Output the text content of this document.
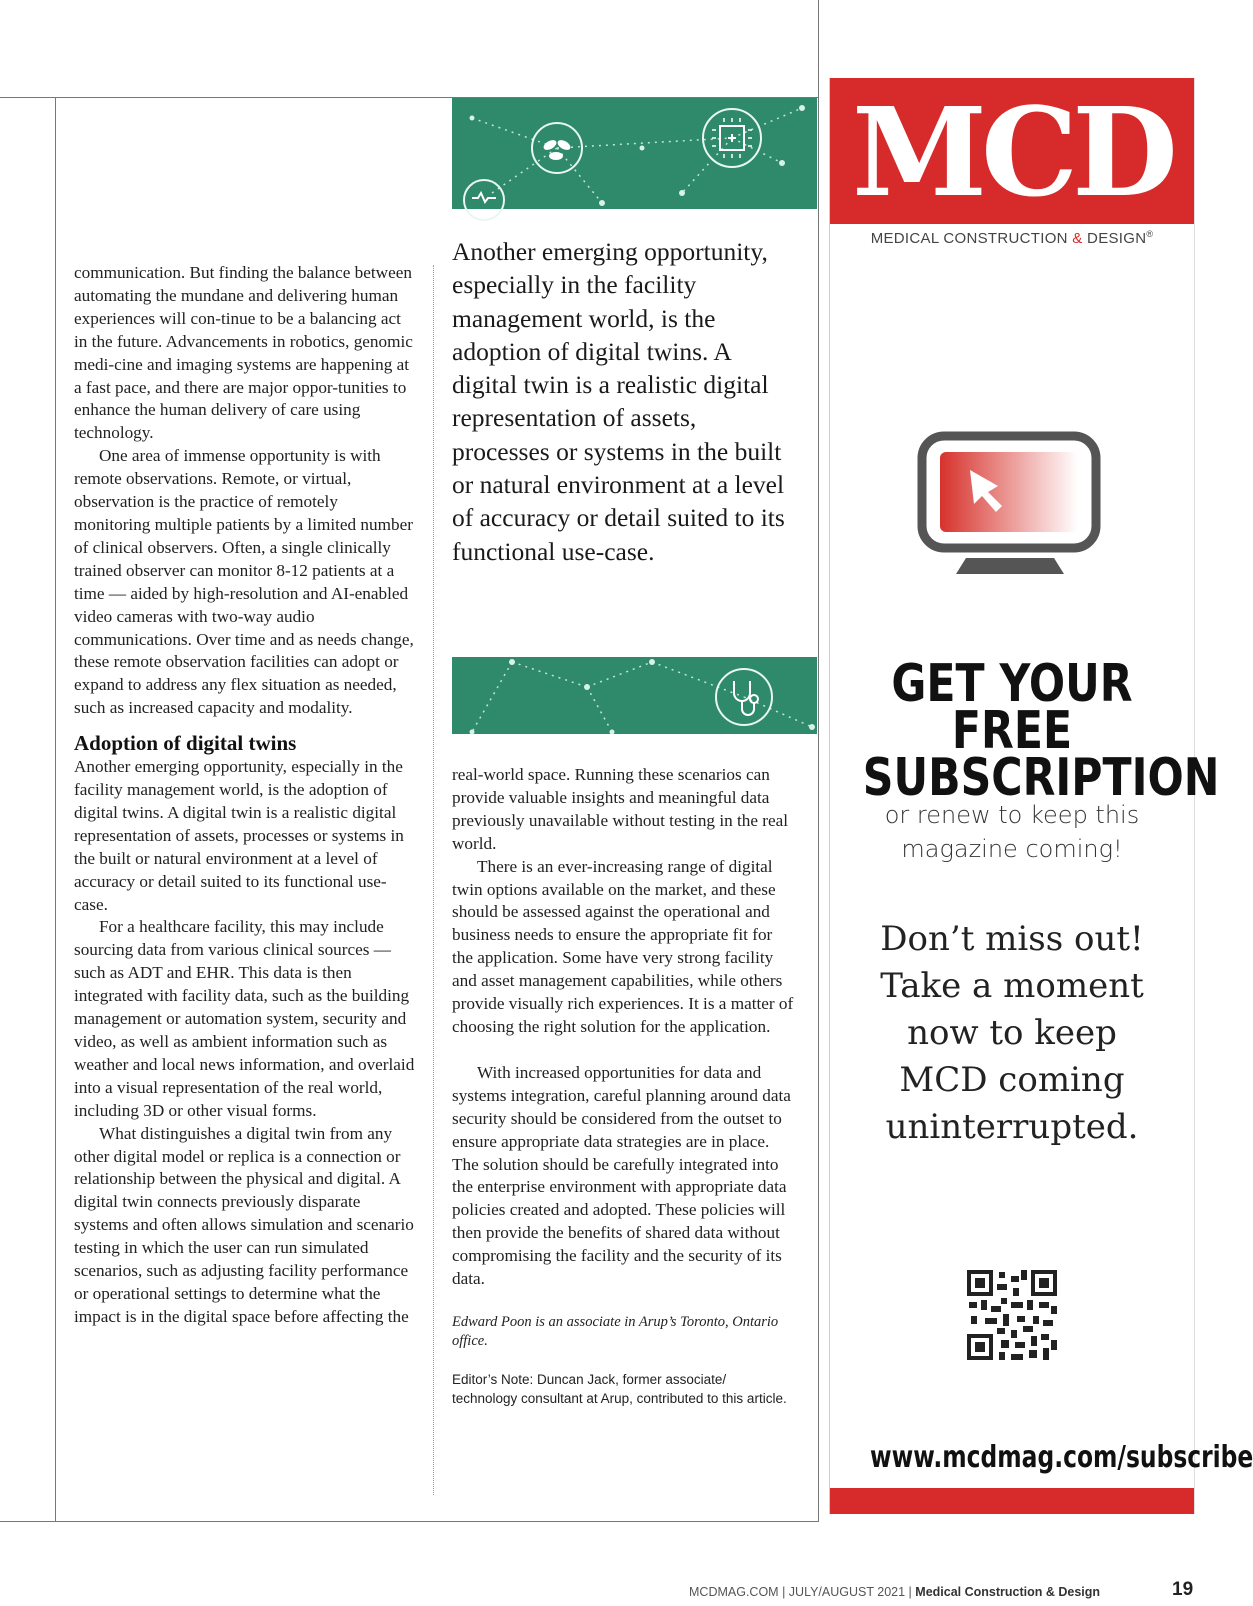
communication. But finding the balance between automating the mundane and delivering human experiences will con-tinue to be a balancing act in the future. Advancements in robotics, genomic medi-cine and imaging systems are happening at a fast pace, and there are major oppor-tunities to enhance the human delivery of care using technology.

One area of immense opportunity is with remote observations. Remote, or virtual, observation is the practice of remotely monitoring multiple patients by a limited number of clinical observers. Often, a single clinically trained observer can monitor 8-12 patients at a time — aided by high-resolution and AI-enabled video cameras with two-way audio communications. Over time and as needs change, these remote observation facilities can adopt or expand to address any flex situation as needed, such as increased capacity and modality.

Adoption of digital twins

Another emerging opportunity, especially in the facility management world, is the adoption of digital twins. A digital twin is a realistic digital representation of assets, processes or systems in the built or natural environment at a level of accuracy or detail suited to its functional use-case.

For a healthcare facility, this may include sourcing data from various clinical sources — such as ADT and EHR. This data is then integrated with facility data, such as the building management or automation system, security and video, as well as ambient information such as weather and local news information, and overlaid into a visual representation of the real world, including 3D or other visual forms.

What distinguishes a digital twin from any other digital model or replica is a connection or relationship between the physical and digital. A digital twin connects previously disparate systems and often allows simulation and scenario testing in which the user can run simulated scenarios, such as adjusting facility performance or operational settings to determine what the impact is in the digital space before affecting the

Another emerging opportunity, especially in the facility management world, is the adoption of digital twins. A digital twin is a realistic digital representation of assets, processes or systems in the built or natural environment at a level of accuracy or detail suited to its functional use-case.

real-world space. Running these scenarios can provide valuable insights and meaningful data previously unavailable without testing in the real world.

There is an ever-increasing range of digital twin options available on the market, and these should be assessed against the operational and business needs to ensure the appropriate fit for the application. Some have very strong facility and asset management capabilities, while others provide visually rich experiences. It is a matter of choosing the right solution for the application.

With increased opportunities for data and systems integration, careful planning around data security should be considered from the outset to ensure appropriate data strategies are in place. The solution should be carefully integrated into the enterprise environment with appropriate data policies created and adopted. These policies will then provide the benefits of shared data without compromising the facility and the security of its data.

Edward Poon is an associate in Arup’s Toronto, Ontario office.

Editor’s Note: Duncan Jack, former associate/ technology consultant at Arup, contributed to this article.

MCD
MEDICAL CONSTRUCTION & DESIGN®
GET YOUR
FREE
SUBSCRIPTION
or renew to keep this
magazine coming!
Don’t miss out!
Take a moment
now to keep
MCD coming
uninterrupted.
www.mcdmag.com/subscribe
MCDMAG.COM | JULY/AUGUST 2021 | Medical Construction & Design	19
